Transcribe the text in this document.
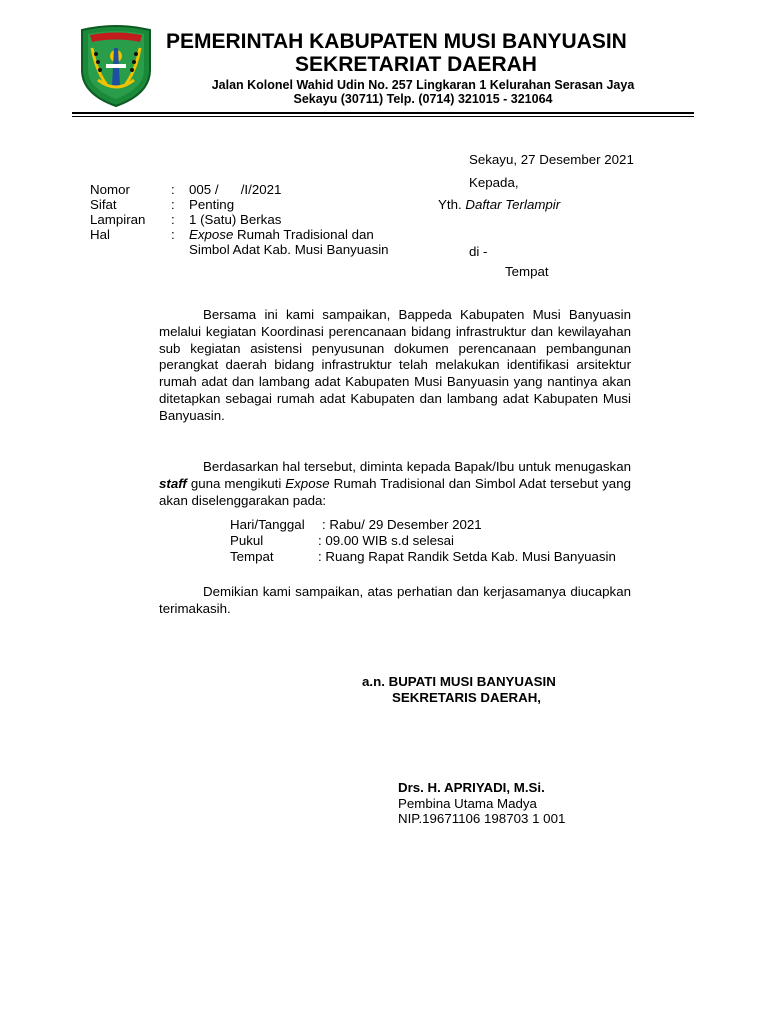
PEMERINTAH KABUPATEN MUSI BANYUASIN
SEKRETARIAT DAERAH
Jalan Kolonel Wahid Udin No. 257 Lingkaran 1 Kelurahan Serasan Jaya
Sekayu (30711) Telp. (0714) 321015 - 321064
Sekayu, 27 Desember 2021
Kepada,
Yth. Daftar Terlampir
di -
Tempat
Nomor	: 005 /      /I/2021
Sifat	: Penting
Lampiran : 1 (Satu) Berkas
Hal	: Expose Rumah Tradisional dan
Simbol Adat Kab. Musi Banyuasin

Bersama ini kami sampaikan, Bappeda Kabupaten Musi Banyuasin melalui kegiatan Koordinasi perencanaan bidang infrastruktur dan kewilayahan sub kegiatan asistensi penyusunan dokumen perencanaan pembangunan perangkat daerah bidang infrastruktur telah melakukan identifikasi arsitektur rumah adat dan lambang adat Kabupaten Musi Banyuasin yang nantinya akan ditetapkan sebagai rumah adat Kabupaten dan lambang adat Kabupaten Musi Banyuasin.

Berdasarkan hal tersebut, diminta kepada Bapak/Ibu untuk menugaskan staff guna mengikuti Expose Rumah Tradisional dan Simbol Adat tersebut yang akan diselenggarakan pada:

Hari/Tanggal : Rabu/ 29 Desember 2021
Pukul	: 09.00 WIB s.d selesai
Tempat	: Ruang Rapat Randik Setda Kab. Musi Banyuasin

Demikian kami sampaikan, atas perhatian dan kerjasamanya diucapkan terimakasih.

a.n. BUPATI MUSI BANYUASIN
SEKRETARIS DAERAH,
Drs. H. APRIYADI, M.Si.
Pembina Utama Madya
NIP.19671106 198703 1 001
